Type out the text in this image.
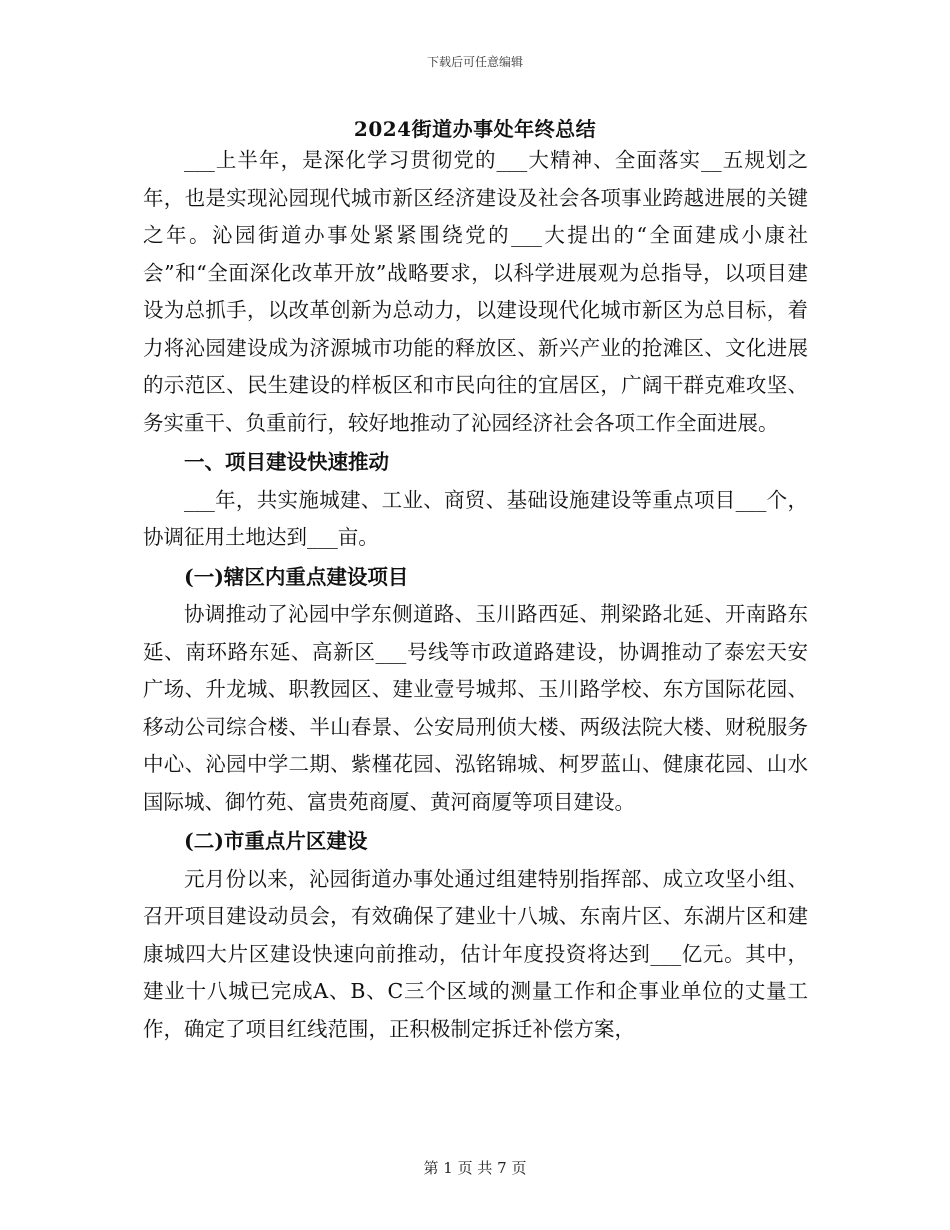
下载后可任意编辑
2024街道办事处年终总结

___上半年，是深化学习贯彻党的___大精神、全面落实__五规划之年，也是实现沁园现代城市新区经济建设及社会各项事业跨越进展的关键之年。沁园街道办事处紧紧围绕党的___大提出的“全面建成小康社会”和“全面深化改革开放”战略要求，以科学进展观为总指导，以项目建设为总抓手，以改革创新为总动力，以建设现代化城市新区为总目标，着力将沁园建设成为济源城市功能的释放区、新兴产业的抢滩区、文化进展的示范区、民生建设的样板区和市民向往的宜居区，广阔干群克难攻坚、务实重干、负重前行，较好地推动了沁园经济社会各项工作全面进展。

一、项目建设快速推动

___年，共实施城建、工业、商贸、基础设施建设等重点项目___个，协调征用土地达到___亩。

(一)辖区内重点建设项目

协调推动了沁园中学东侧道路、玉川路西延、荆梁路北延、开南路东延、南环路东延、高新区___号线等市政道路建设，协调推动了泰宏天安广场、升龙城、职教园区、建业壹号城邦、玉川路学校、东方国际花园、移动公司综合楼、半山春景、公安局刑侦大楼、两级法院大楼、财税服务中心、沁园中学二期、紫槿花园、泓铭锦城、柯罗蓝山、健康花园、山水国际城、御竹苑、富贵苑商厦、黄河商厦等项目建设。

(二)市重点片区建设

元月份以来，沁园街道办事处通过组建特别指挥部、成立攻坚小组、召开项目建设动员会，有效确保了建业十八城、东南片区、东湖片区和建康城四大片区建设快速向前推动，估计年度投资将达到___亿元。其中，建业十八城已完成A、B、C三个区域的测量工作和企事业单位的丈量工作，确定了项目红线范围，正积极制定拆迁补偿方案，

第 1 页 共 7 页
